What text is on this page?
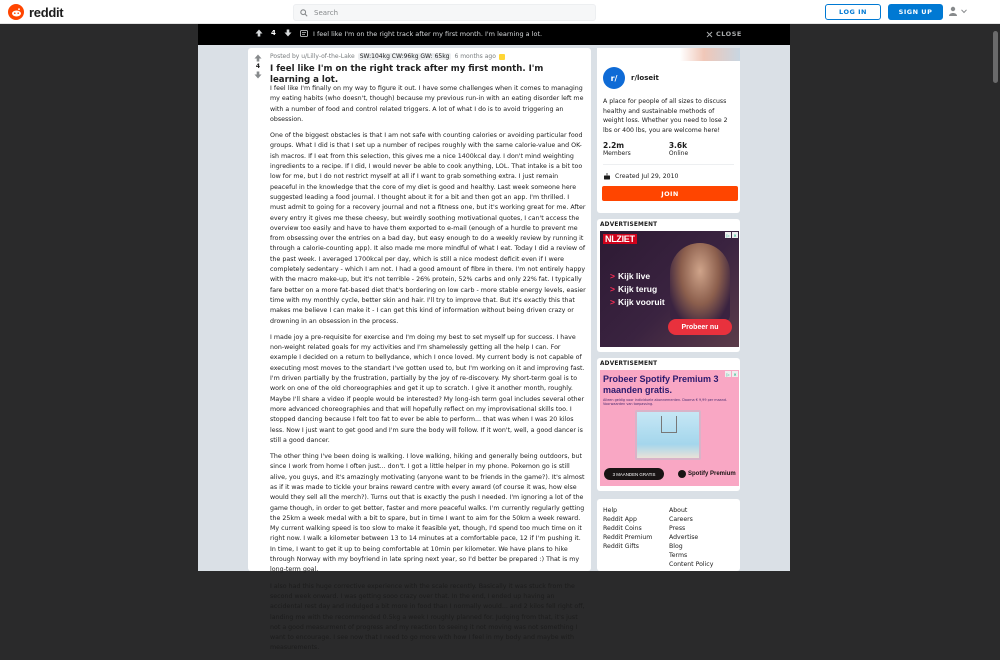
reddit
Search	LOG IN	SIGN UP
4	I feel like I'm on the right track after my first month. I'm learning a lot.	CLOSE
4
Posted by u/Lilly-of-the-Lake SW:104kg CW:96kg GW: 65kg 6 months ago
I feel like I'm on the right track after my first month. I'm learning a lot.

I feel like I'm finally on my way to figure it out. I have some challenges when it comes to managing my eating habits (who doesn't, though) because my previous run-in with an eating disorder left me with a number of food and control related triggers. A lot of what I do is to avoid triggering an obsession.

One of the biggest obstacles is that I am not safe with counting calories or avoiding particular food groups. What I did is that I set up a number of recipes roughly with the same calorie-value and OK-ish macros. If I eat from this selection, this gives me a nice 1400kcal day. I don't mind weighting ingredients to a recipe. If I did, I would never be able to cook anything, LOL. That intake is a bit too low for me, but I do not restrict myself at all if I want to grab something extra. I just remain peaceful in the knowledge that the core of my diet is good and healthy. Last week someone here suggested leading a food journal. I thought about it for a bit and then got an app. I'm thrilled. I must admit to going for a recovery journal and not a fitness one, but it's working great for me. After every entry it gives me these cheesy, but weirdly soothing motivational quotes, I can't access the overview too easily and have to have them exported to e-mail (enough of a hurdle to prevent me from obsessing over the entries on a bad day, but easy enough to do a weekly review by running it through a calorie-counting app). It also made me more mindful of what I eat. Today I did a review of the past week. I averaged 1700kcal per day, which is still a nice modest deficit even if I were completely sedentary - which I am not. I had a good amount of fibre in there. I'm not entirely happy with the macro make-up, but it's not terrible - 26% protein, 52% carbs and only 22% fat. I typically fare better on a more fat-based diet that's bordering on low carb - more stable energy levels, easier time with my monthly cycle, better skin and hair. I'll try to improve that. But it's exactly this that makes me believe I can make it - I can get this kind of information without being driven crazy or drowning in an obsession in the process.

I made joy a pre-requisite for exercise and I'm doing my best to set myself up for success. I have non-weight related goals for my activities and I'm shamelessly getting all the help I can. For example I decided on a return to bellydance, which I once loved. My current body is not capable of executing most moves to the standart I've gotten used to, but I'm working on it and improving fast. I'm driven partially by the frustration, partially by the joy of re-discovery. My short-term goal is to work on one of the old choreographies and get it up to scratch. I give it another month, roughly. Maybe I'll share a video if people would be interested? My long-ish term goal includes several other more advanced choreographies and that will hopefully reflect on my improvisational skills too. I stopped dancing because I felt too fat to ever be able to perform... that was when I was 20 kilos less. Now I just want to get good and I'm sure the body will follow. If it won't, well, a good dancer is still a good dancer.

The other thing I've been doing is walking. I love walking, hiking and generally being outdoors, but since I work from home I often just... don't. I got a little helper in my phone. Pokemon go is still alive, you guys, and it's amazingly motivating (anyone want to be friends in the game?). It's almost as if it was made to tickle your brains reward centre with every award (of course it was, how else would they sell all the merch?). Turns out that is exactly the push I needed. I'm ignoring a lot of the game though, in order to get better, faster and more peaceful walks. I'm currently regularly getting the 25km a week medal with a bit to spare, but in time I want to aim for the 50km a week reward. My current walking speed is too slow to make it feasible yet, though, I'd spend too much time on it right now. I walk a kilometer between 13 to 14 minutes at a comfortable pace, 12 if I'm pushing it. In time, I want to get it up to being comfortable at 10min per kilometer. We have plans to hike through Norway with my boyfriend in late spring next year, so I'd better be prepared :) That is my long-term goal.

I also had this huge corrective experience with the scale recently. Basically it was stuck from the second week onward. I was getting sooo crazy over that. In the end, I ended up having an accidental rest day and indulged a bit more in food than I normally would... and 2 kilos fell right off, landing me with the recommended 0.5kg a week I roughly planned for. Judging from that, it's just not a good measurment of progress and my reaction to seeing it not moving was not something I want to encourage. I see now that I need to go more with how I feel in my body and maybe with measurements.

r/	r/loseit
A place for people of all sizes to discuss healthy and sustainable methods of weight loss. Whether you need to lose 2 lbs or 400 lbs, you are welcome here!
2.2m
Members
3.6k
Online
Created Jul 29, 2010
JOIN
ADVERTISEMENT
NLZIET
> Kijk live
> Kijk terug
> Kijk vooruit
Probeer nu
▷ ✕
ADVERTISEMENT
Probeer Spotify Premium 3 maanden gratis.
Alleen geldig voor individuele abonnementen. Daarna € 9,99 per maand. Voorwaarden van toepassing.
3 MAANDEN GRATIS	Spotify Premium
▷ ✕
Help
Reddit App
Reddit Coins
Reddit Premium
Reddit Gifts
About
Careers
Press
Advertise
Blog
Terms
Content Policy
